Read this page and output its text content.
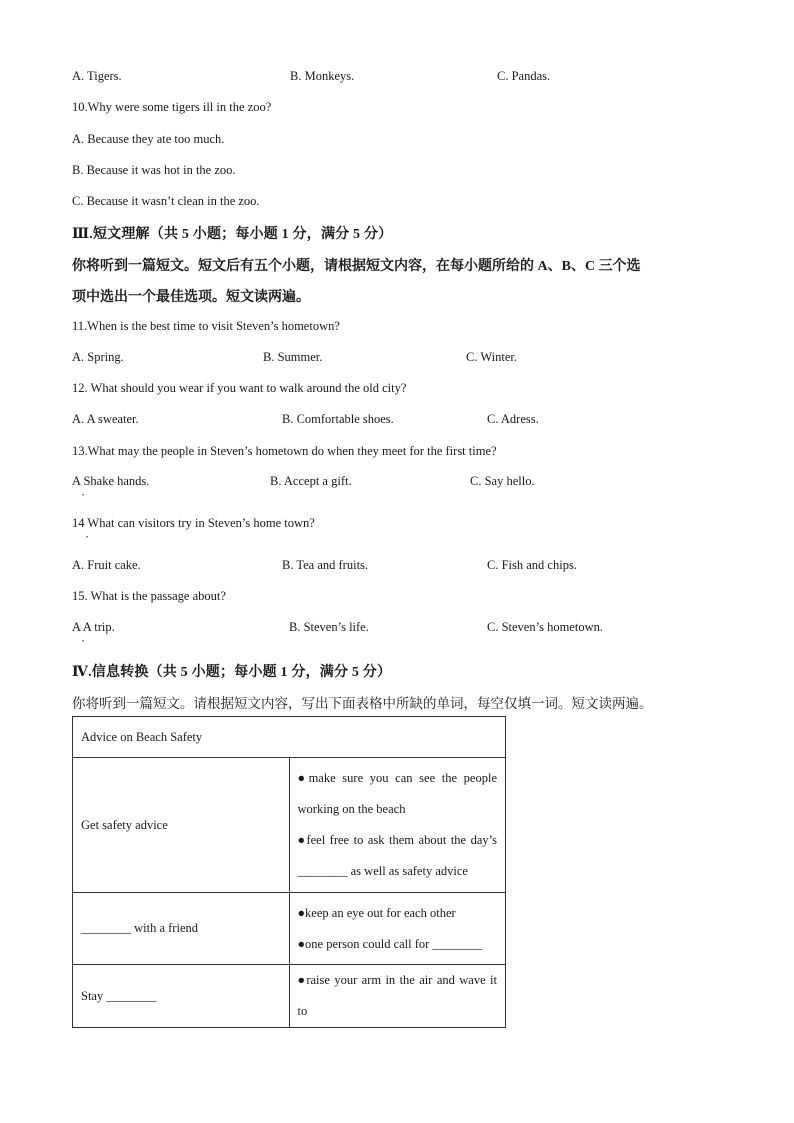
A. Tigers.	B. Monkeys.	C. Pandas.
10.Why were some tigers ill in the zoo?
A. Because they ate too much.
B. Because it was hot in the zoo.
C. Because it wasn’t clean in the zoo.
Ⅲ.短文理解（共 5 小题；每小题 1 分，满分 5 分）
你将听到一篇短文。短文后有五个小题，请根据短文内容，在每小题所给的 A、B、C 三个选
项中选出一个最佳选项。短文读两遍。
11.When is the best time to visit Steven’s hometown?
A. Spring.	B. Summer.	C. Winter.
12. What should you wear if you want to walk around the old city?
A. A sweater.	B. Comfortable shoes.	C. Adress.
13.What may the people in Steven’s hometown do when they meet for the first time?
A Shake hands.
•
B. Accept a gift.	C. Say hello.
14 What can visitors try in Steven’s home town?
•
A. Fruit cake.	B. Tea and fruits.	C. Fish and chips.
15. What is the passage about?
A A trip.
•
B. Steven’s life.	C. Steven’s hometown.
Ⅳ.信息转换（共 5 小题；每小题 1 分，满分 5 分）
你将听到一篇短文。请根据短文内容，写出下面表格中所缺的单词，每空仅填一词。短文读两遍。
Advice on Beach Safety	
Get safety advice	●make sure you can see the people
working on the beach
●feel free to ask them about the day’s
________ as well as safety advice

________ with a friend	●keep an eye out for each other
●one person could call for ________

Stay ________	●raise your arm in the air and wave it to
